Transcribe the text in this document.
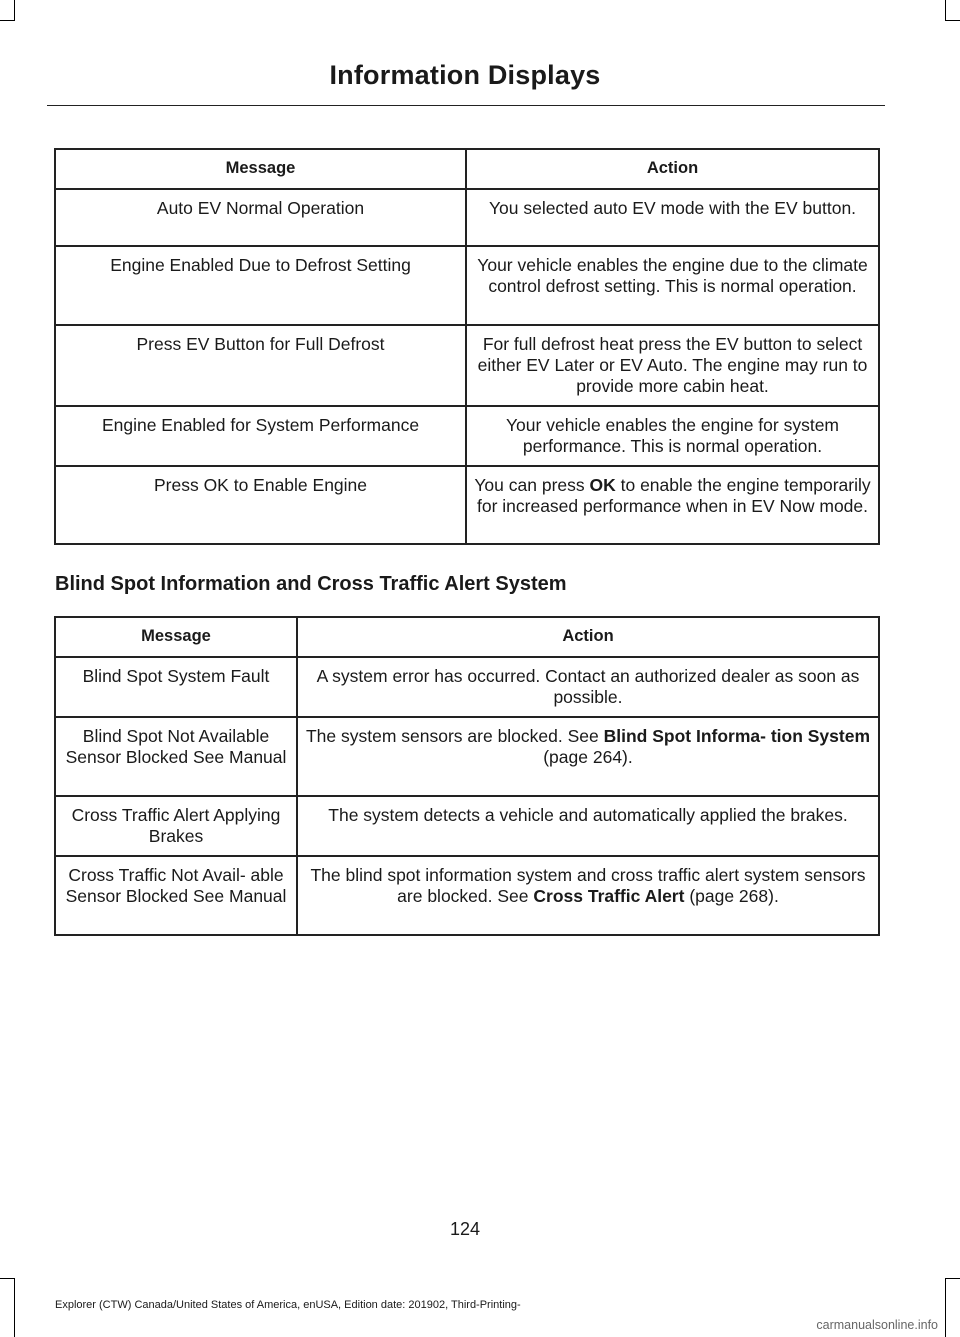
Information Displays
Message	Action
Auto EV Normal Operation	You selected auto EV mode with the EV button.
Engine Enabled Due to Defrost Setting	Your vehicle enables the engine due to the climate control defrost setting. This is normal operation.
Press EV Button for Full Defrost	For full defrost heat press the EV button to select either EV Later or EV Auto. The engine may run to provide more cabin heat.
Engine Enabled for System Performance	Your vehicle enables the engine for system performance. This is normal operation.
Press OK to Enable Engine	You can press OK to enable the engine temporarily for increased performance when in EV Now mode.
Blind Spot Information and Cross Traffic Alert System
Message	Action
Blind Spot System Fault	A system error has occurred. Contact an authorized dealer as soon as possible.
Blind Spot Not Available Sensor Blocked See Manual	The system sensors are blocked. See Blind Spot Informa- tion System (page 264).
Cross Traffic Alert Applying Brakes	The system detects a vehicle and automatically applied the brakes.
Cross Traffic Not Avail- able Sensor Blocked See Manual	The blind spot information system and cross traffic alert system sensors are blocked. See Cross Traffic Alert (page 268).
124
Explorer (CTW) Canada/United States of America, enUSA, Edition date: 201902, Third-Printing-
carmanualsonline.info
